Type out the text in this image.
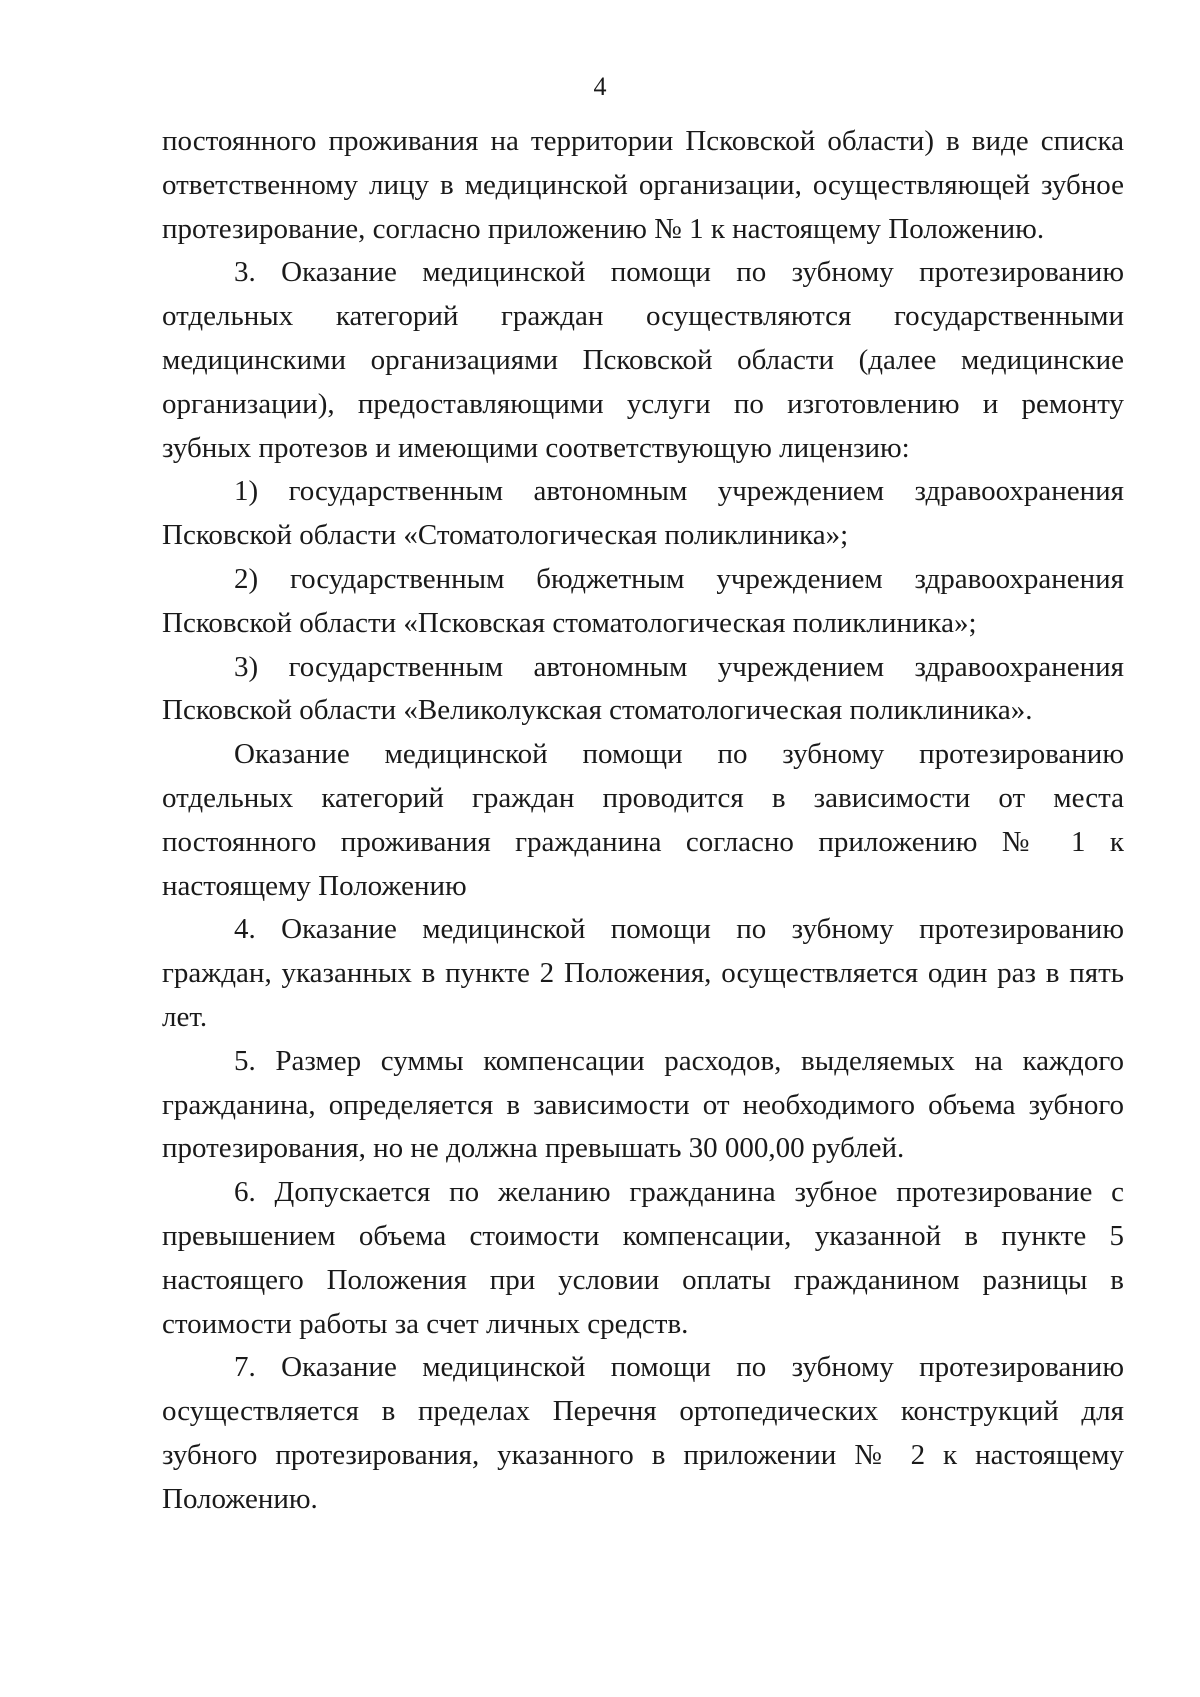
4

постоянного проживания на территории Псковской области) в виде списка ответственному лицу в медицинской организации, осуществляющей зубное протезирование, согласно приложению № 1 к настоящему Положению.

3. Оказание медицинской помощи по зубному протезированию отдельных категорий граждан осуществляются государственными медицинскими организациями Псковской области (далее медицинские организации), предоставляющими услуги по изготовлению и ремонту зубных протезов и имеющими соответствующую лицензию:

1) государственным автономным учреждением здравоохранения Псковской области «Стоматологическая поликлиника»;

2) государственным бюджетным учреждением здравоохранения Псковской области «Псковская стоматологическая поликлиника»;

3) государственным автономным учреждением здравоохранения Псковской области «Великолукская стоматологическая поликлиника».

Оказание медицинской помощи по зубному протезированию отдельных категорий граждан проводится в зависимости от места постоянного проживания гражданина согласно приложению № 1 к настоящему Положению

4. Оказание медицинской помощи по зубному протезированию граждан, указанных в пункте 2 Положения, осуществляется один раз в пять лет.

5. Размер суммы компенсации расходов, выделяемых на каждого гражданина, определяется в зависимости от необходимого объема зубного протезирования, но не должна превышать 30 000,00 рублей.

6. Допускается по желанию гражданина зубное протезирование с превышением объема стоимости компенсации, указанной в пункте 5 настоящего Положения при условии оплаты гражданином разницы в стоимости работы за счет личных средств.

7. Оказание медицинской помощи по зубному протезированию осуществляется в пределах Перечня ортопедических конструкций для зубного протезирования, указанного в приложении № 2 к настоящему Положению.
